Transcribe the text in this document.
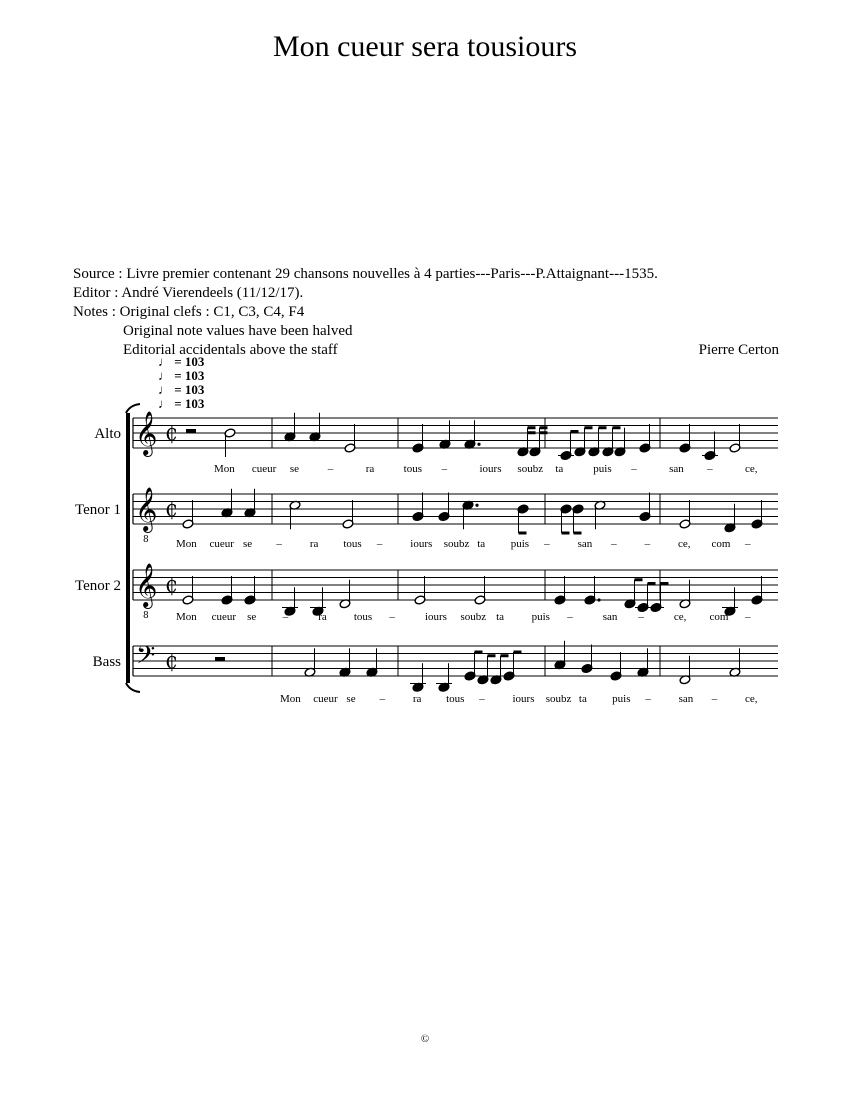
Mon cueur sera tousiours
Source : Livre premier contenant 29 chansons nouvelles à 4 parties---Paris---P.Attaignant---1535.
Editor : André Vierendeels (11/12/17).
Notes : Original clefs : C1, C3, C4, F4
Original note values have been halved
Editorial accidentals above the staff	Pierre Certon
♩ = 103
♩ = 103
♩ = 103
♩ = 103
Alto
Tenor 1
Tenor 2
Bass
𝄞 ₵
Mon cueur se	–	ra	tous –	iours soubz ta	puis –	san –	ce,
𝄞
8
₵
Mon cueur se –	ra tous –	iours soubz ta puis –	san –	–	ce, com –
𝄞
8
₵
Mon cueur se –	ra tous –	iours soubz ta	puis –	san –	ce, com –
𝄢 ₵
Mon cueur se –	ra tous –	iours soubz ta puis –	san –	ce,
©
